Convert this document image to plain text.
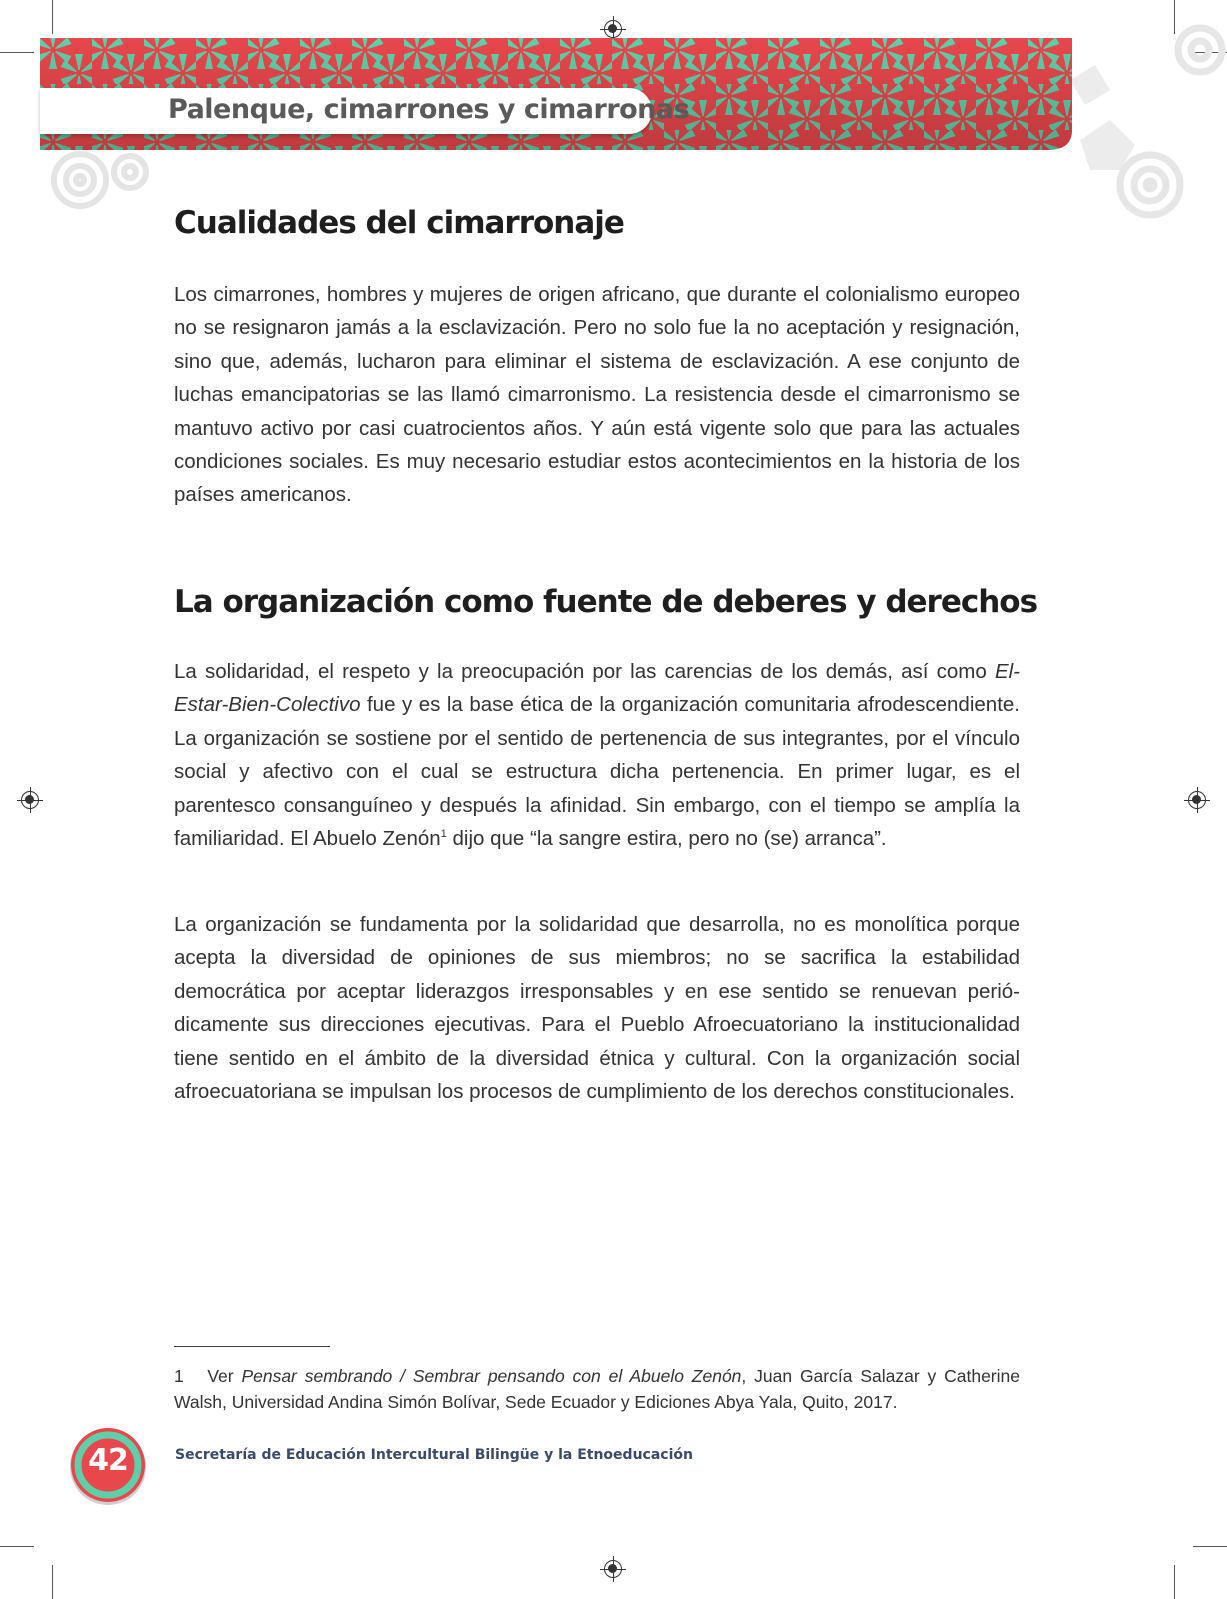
Palenque, cimarrones y cimarronas
Cualidades del cimarronaje

Los cimarrones, hombres y mujeres de origen africano, que durante el colonialismo europeo no se resignaron jamás a la esclavización. Pero no solo fue la no aceptación y resignación, sino que, además, lucharon para eliminar el sistema de esclavización. A ese conjunto de luchas emancipatorias se las llamó cimarronismo. La resistencia desde el cimarronismo se mantuvo activo por casi cuatrocientos años. Y aún está vigente solo que para las actuales condiciones sociales. Es muy necesario estudiar estos acontecimientos en la historia de los países americanos.

La organización como fuente de deberes y derechos

La solidaridad, el respeto y la preocupación por las carencias de los demás, así como El-Estar-Bien-Colectivo fue y es la base ética de la organización comunitaria afrodescendiente. La organización se sostiene por el sentido de pertenencia de sus integrantes, por el vínculo social y afectivo con el cual se estructura dicha pertenencia. En primer lugar, es el parentesco consanguíneo y después la afinidad. Sin embargo, con el tiempo se amplía la familiaridad. El Abuelo Zenón$^1$ dijo que “la sangre estira, pero no (se) arranca”.

La organización se fundamenta por la solidaridad que desarrolla, no es monolítica porque acepta la diversidad de opiniones de sus miembros; no se sacrifica la estabilidad democrática por aceptar liderazgos irresponsables y en ese sentido se renuevan periódicamente sus direcciones ejecutivas. Para el Pueblo Afroecuatoriano la institucionalidad tiene sentido en el ámbito de la diversidad étnica y cultural. Con la organización social afroecuatoriana se impulsan los procesos de cumplimiento de los derechos constitucionales.

1 Ver Pensar sembrando / Sembrar pensando con el Abuelo Zenón, Juan García Salazar y Catherine Walsh, Universidad Andina Simón Bolívar, Sede Ecuador y Ediciones Abya Yala, Quito, 2017.

42	Secretaría de Educación Intercultural Bilingüe y la Etnoeducación
